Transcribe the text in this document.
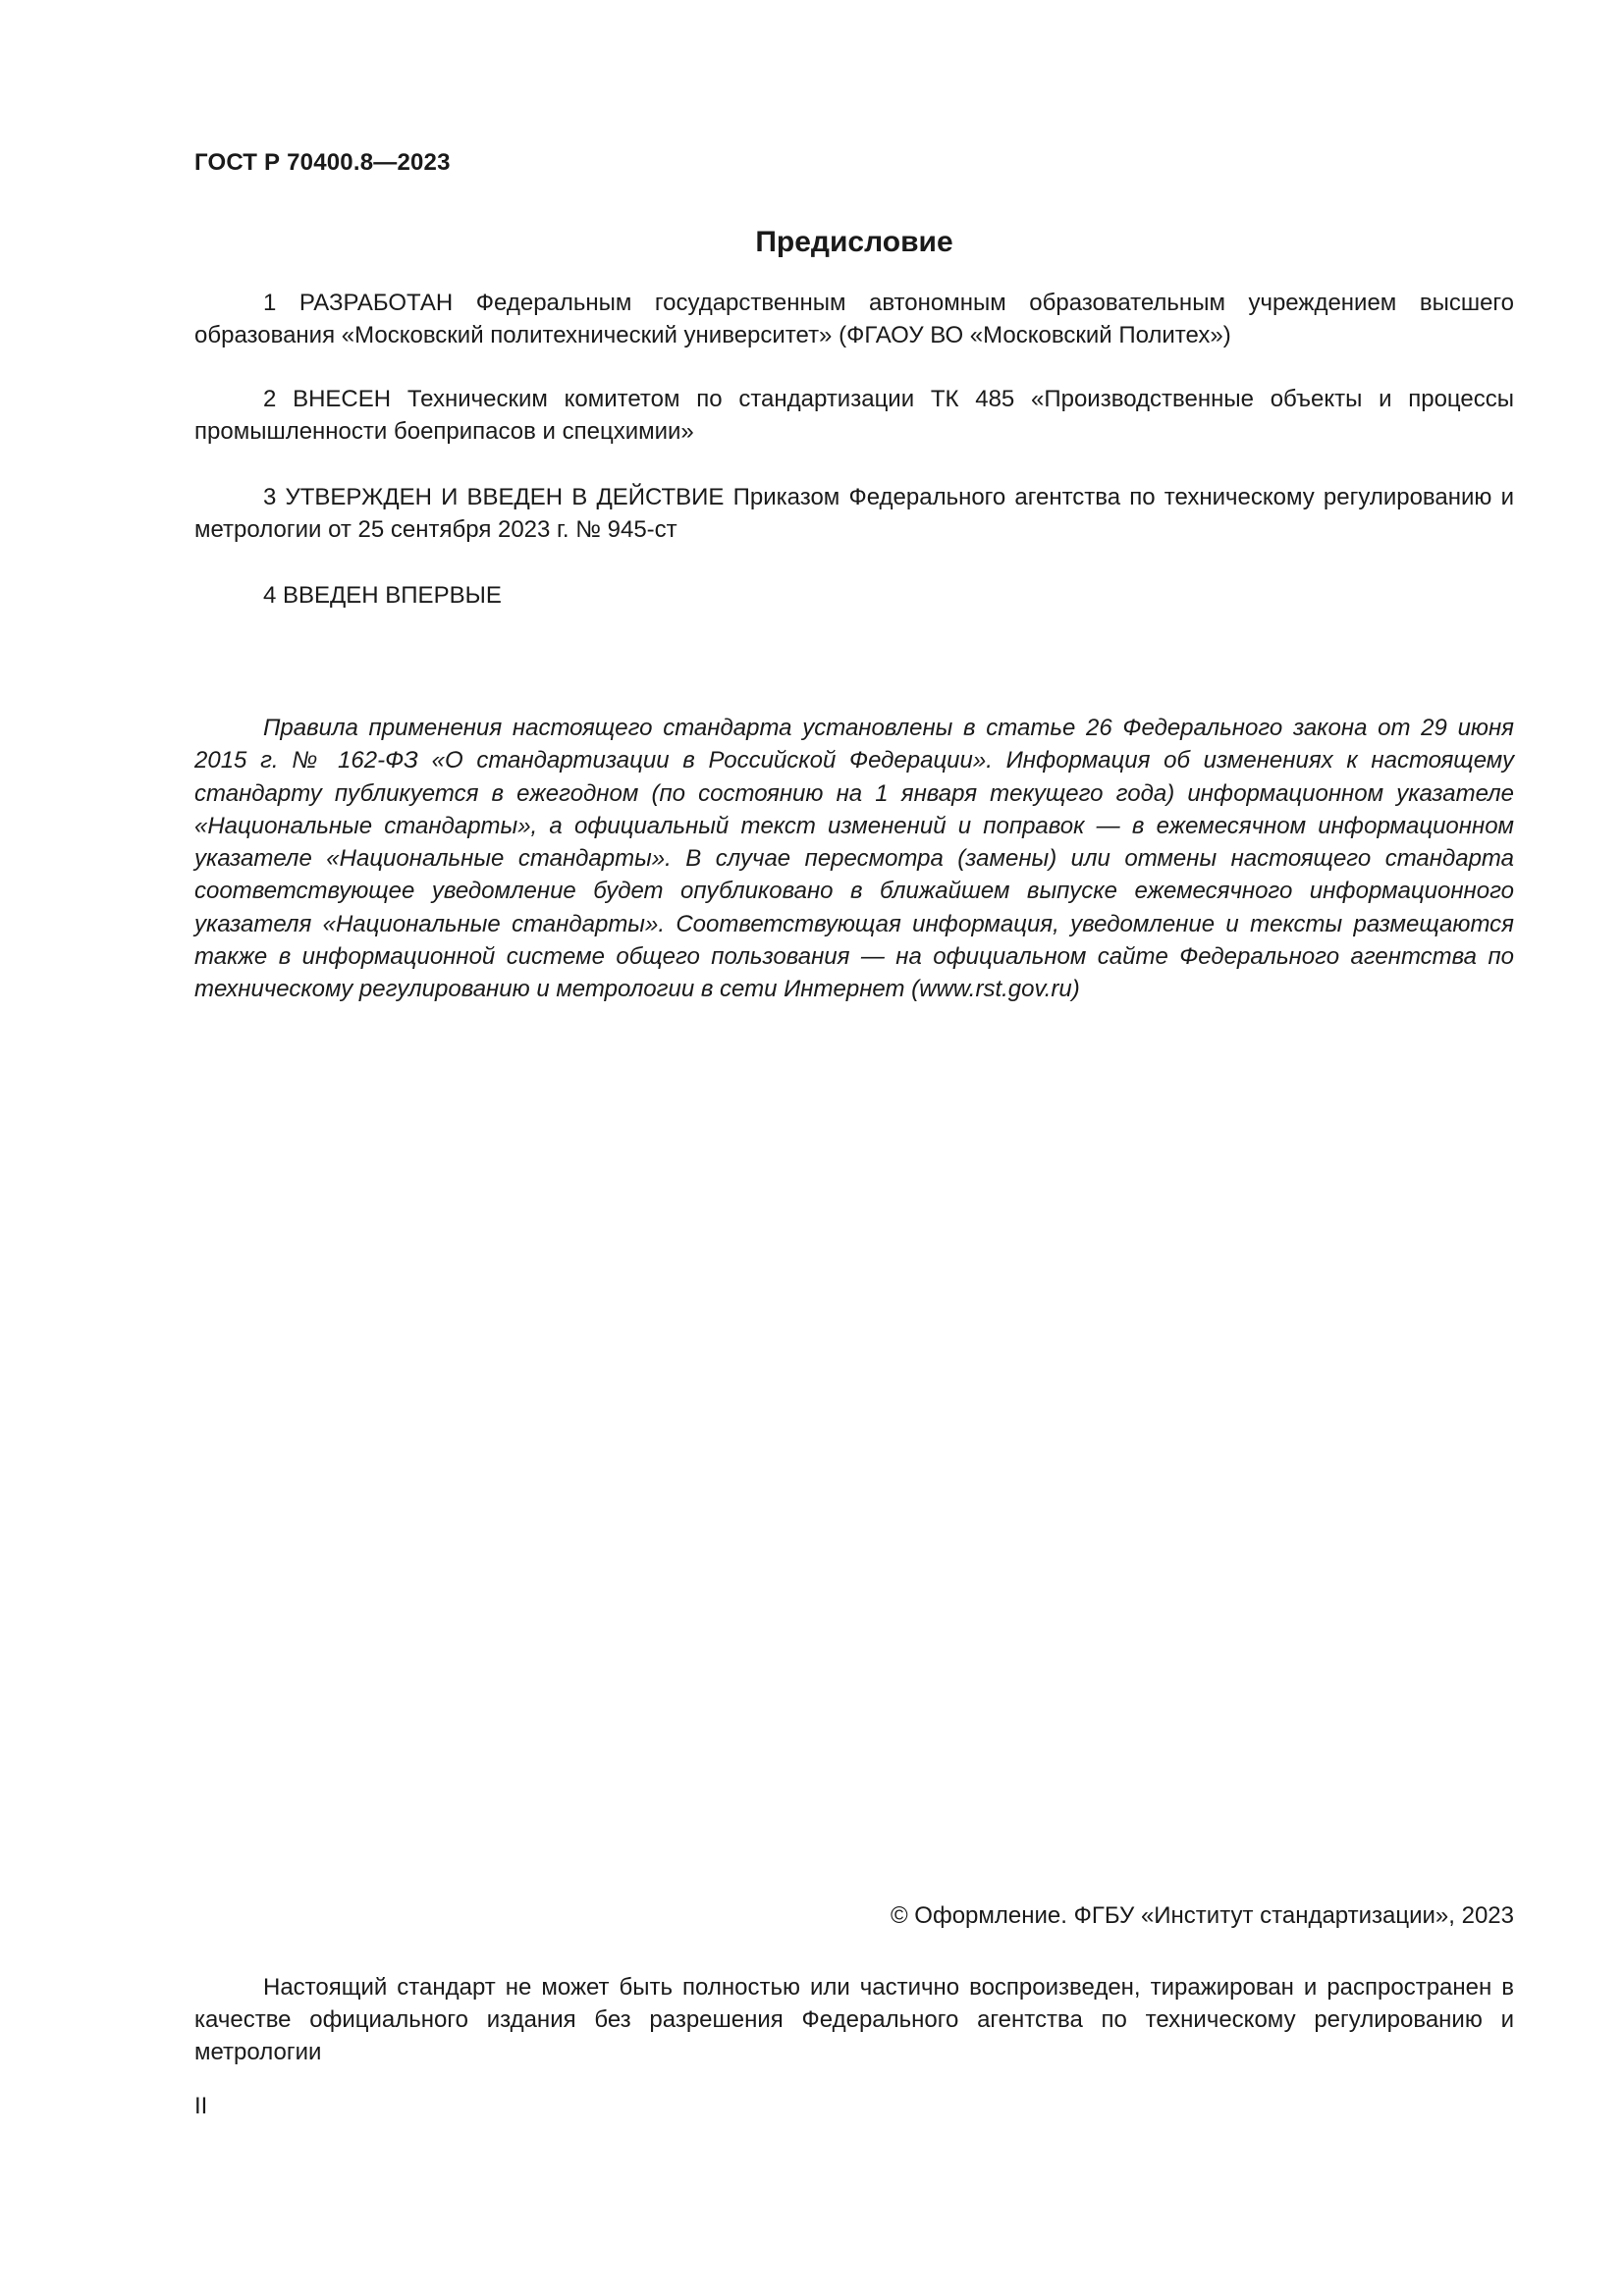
ГОСТ Р 70400.8—2023
Предисловие
1 РАЗРАБОТАН Федеральным государственным автономным образовательным учреждением высшего образования «Московский политехнический университет» (ФГАОУ ВО «Московский Политех»)
2 ВНЕСЕН Техническим комитетом по стандартизации ТК 485 «Производственные объекты и процессы промышленности боеприпасов и спецхимии»
3 УТВЕРЖДЕН И ВВЕДЕН В ДЕЙСТВИЕ Приказом Федерального агентства по техническому регулированию и метрологии от 25 сентября 2023 г. № 945-ст
4 ВВЕДЕН ВПЕРВЫЕ
Правила применения настоящего стандарта установлены в статье 26 Федерального закона от 29 июня 2015 г. № 162-ФЗ «О стандартизации в Российской Федерации». Информация об изменениях к настоящему стандарту публикуется в ежегодном (по состоянию на 1 января текущего года) информационном указателе «Национальные стандарты», а официальный текст изменений и поправок — в ежемесячном информационном указателе «Национальные стандарты». В случае пересмотра (замены) или отмены настоящего стандарта соответствующее уведомление будет опубликовано в ближайшем выпуске ежемесячного информационного указателя «Национальные стандарты». Соответствующая информация, уведомление и тексты размещаются также в информационной системе общего пользования — на официальном сайте Федерального агентства по техническому регулированию и метрологии в сети Интернет (www.rst.gov.ru)
© Оформление. ФГБУ «Институт стандартизации», 2023
Настоящий стандарт не может быть полностью или частично воспроизведен, тиражирован и распространен в качестве официального издания без разрешения Федерального агентства по техническому регулированию и метрологии
II
